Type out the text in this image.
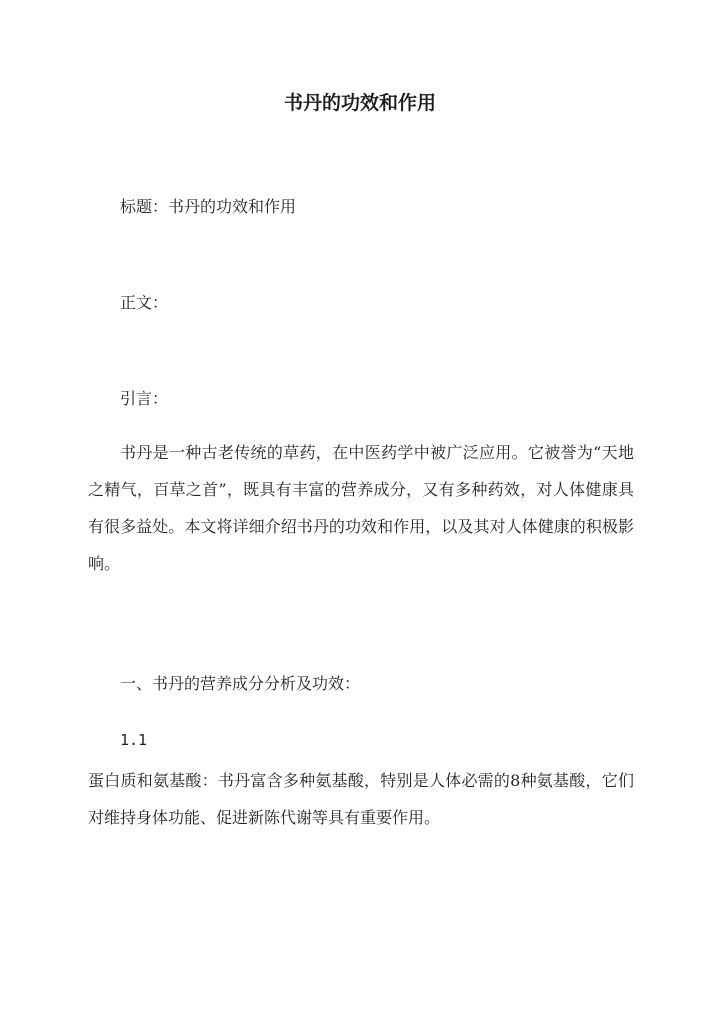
书丹的功效和作用
标题：书丹的功效和作用
正文：
引言：
书丹是一种古老传统的草药，在中医药学中被广泛应用。它被誉为“天地之精气，百草之首”，既具有丰富的营养成分，又有多种药效，对人体健康具有很多益处。本文将详细介绍书丹的功效和作用，以及其对人体健康的积极影响。
一、书丹的营养成分分析及功效：
1.1
蛋白质和氨基酸：书丹富含多种氨基酸，特别是人体必需的8种氨基酸，它们对维持身体功能、促进新陈代谢等具有重要作用。
